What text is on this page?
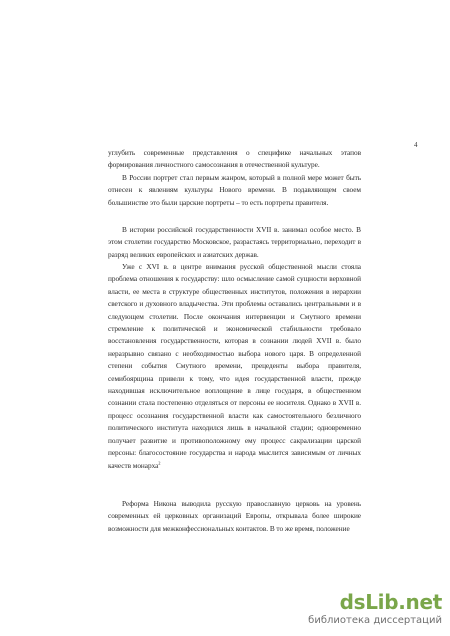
4
углубить современные представления о специфике начальных этапов формирования личностного самосознания в отечественной культуре.
В России портрет стал первым жанром, который в полной мере может быть отнесен к явлениям культуры Нового времени. В подавляющем своем большинстве это были царские портреты – то есть портреты правителя.
В истории российской государственности XVII в. занимал особое место. В этом столетии государство Московское, разрастаясь территориально, переходит в разряд великих европейских и азиатских держав.
Уже с XVI в. в центре внимания русской общественной мысли стояла проблема отношения к государству: шло осмысление самой сущности верховной власти, ее места в структуре общественных институтов, положения в иерархии светского и духовного владычества. Эти проблемы оставались центральными и в следующем столетии. После окончания интервенции и Смутного времени стремление к политической и экономической стабильности требовало восстановления государственности, которая в сознании людей XVII в. было неразрывно связано с необходимостью выбора нового царя. В определенной степени события Смутного времени, прецеденты выбора правителя, семибоярщина привели к тому, что идея государственной власти, прежде находившая исключительное воплощение в лице государя, в общественном сознании стала постепенно отделяться от персоны ее носителя. Однако в XVII в. процесс осознания государственной власти как самостоятельного безличного политического института находился лишь в начальной стадии; одновременно получает развитие и противоположному ему процесс сакрализации царской персоны: благосостояние государства и народа мыслится зависимым от личных качеств монарха$^2$
Реформа Никона выводила русскую православную церковь на уровень современных ей церковных организаций Европы, открывала более широкие возможности для межконфессиональных контактов. В то же время, положение
dsLib.net
библиотека диссертаций
